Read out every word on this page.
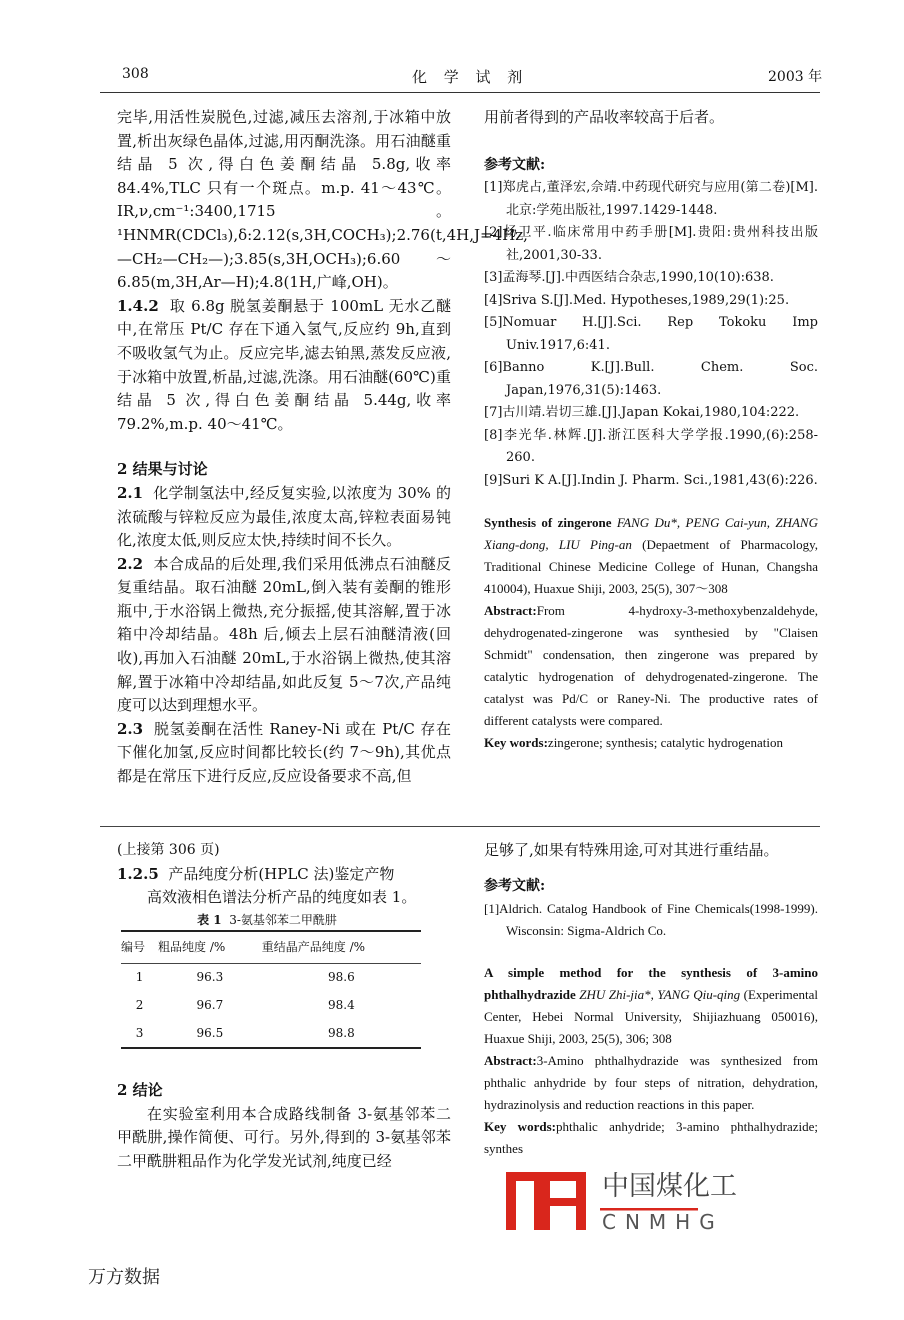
308	化 学 试 剂	2003 年

完毕,用活性炭脱色,过滤,减压去溶剂,于冰箱中放置,析出灰绿色晶体,过滤,用丙酮洗涤。用石油醚重结晶 5 次,得白色姜酮结晶 5.8g,收率 84.4%,TLC 只有一个斑点。m.p. 41～43℃。IR,ν,cm⁻¹:3400,1715。¹HNMR(CDCl₃),δ:2.12(s,3H,COCH₃);2.76(t,4H,J=4Hz,—CH₂—CH₂—);3.85(s,3H,OCH₃);6.60～6.85(m,3H,Ar—H);4.8(1H,广峰,OH)。

1.4.2 取 6.8g 脱氢姜酮悬于 100mL 无水乙醚中,在常压 Pt/C 存在下通入氢气,反应约 9h,直到不吸收氢气为止。反应完毕,滤去铂黑,蒸发反应液,于冰箱中放置,析晶,过滤,洗涤。用石油醚(60℃)重结晶 5 次,得白色姜酮结晶 5.44g,收率 79.2%,m.p. 40～41℃。

2 结果与讨论

2.1 化学制氢法中,经反复实验,以浓度为 30% 的浓硫酸与锌粒反应为最佳,浓度太高,锌粒表面易钝化,浓度太低,则反应太快,持续时间不长久。

2.2 本合成品的后处理,我们采用低沸点石油醚反复重结晶。取石油醚 20mL,倒入装有姜酮的锥形瓶中,于水浴锅上微热,充分振摇,使其溶解,置于冰箱中冷却结晶。48h 后,倾去上层石油醚清液(回收),再加入石油醚 20mL,于水浴锅上微热,使其溶解,置于冰箱中冷却结晶,如此反复 5～7次,产品纯度可以达到理想水平。

2.3 脱氢姜酮在活性 Raney-Ni 或在 Pt/C 存在下催化加氢,反应时间都比较长(约 7～9h),其优点都是在常压下进行反应,反应设备要求不高,但

用前者得到的产品收率较高于后者。

参考文献:

[1]郑虎占,董泽宏,佘靖.中药现代研究与应用(第二卷)[M].北京:学苑出版社,1997.1429-1448.

[2]杨卫平.临床常用中药手册[M].贵阳:贵州科技出版社,2001,30-33.

[3]孟海琴.[J].中西医结合杂志,1990,10(10):638.

[4]Sriva S.[J].Med. Hypotheses,1989,29(1):25.

[5]Nomuar H.[J].Sci. Rep Tokoku Imp Univ.1917,6:41.

[6]Banno K.[J].Bull. Chem. Soc. Japan,1976,31(5):1463.

[7]古川靖.岩切三雄.[J].Japan Kokai,1980,104:222.

[8]李光华.林辉.[J].浙江医科大学学报.1990,(6):258-260.

[9]Suri K A.[J].Indin J. Pharm. Sci.,1981,43(6):226.

Synthesis of zingerone FANG Du*, PENG Cai-yun, ZHANG Xiang-dong, LIU Ping-an (Depaetment of Pharmacology, Traditional Chinese Medicine College of Hunan, Changsha 410004), Huaxue Shiji, 2003, 25(5), 307～308

Abstract:From 4-hydroxy-3-methoxybenzaldehyde, dehydrogenated-zingerone was synthesied by "Claisen Schmidt" condensation, then zingerone was prepared by catalytic hydrogenation of dehydrogenated-zingerone. The catalyst was Pd/C or Raney-Ni. The productive rates of different catalysts were compared.

Key words:zingerone; synthesis; catalytic hydrogenation

(上接第 306 页)

1.2.5 产品纯度分析(HPLC 法)鉴定产物

高效液相色谱法分析产品的纯度如表 1。

表 1 3-氨基邻苯二甲酰肼

编号	粗品纯度 /%	重结晶产品纯度 /%
1	96.3	98.6
2	96.7	98.4
3	96.5	98.8

2 结论

在实验室利用本合成路线制备 3-氨基邻苯二甲酰肼,操作简便、可行。另外,得到的 3-氨基邻苯二甲酰肼粗品作为化学发光试剂,纯度已经

足够了,如果有特殊用途,可对其进行重结晶。

参考文献:

[1]Aldrich. Catalog Handbook of Fine Chemicals(1998-1999). Wisconsin: Sigma-Aldrich Co.

A simple method for the synthesis of 3-amino phthalhydrazide ZHU Zhi-jia*, YANG Qiu-qing (Experimental Center, Hebei Normal University, Shijiazhuang 050016), Huaxue Shiji, 2003, 25(5), 306; 308

Abstract:3-Amino phthalhydrazide was synthesized from phthalic anhydride by four steps of nitration, dehydration, hydrazinolysis and reduction reactions in this paper.

Key words:phthalic anhydride; 3-amino phthalhydrazide; synthes

中国煤化工
CNMHG
万方数据
